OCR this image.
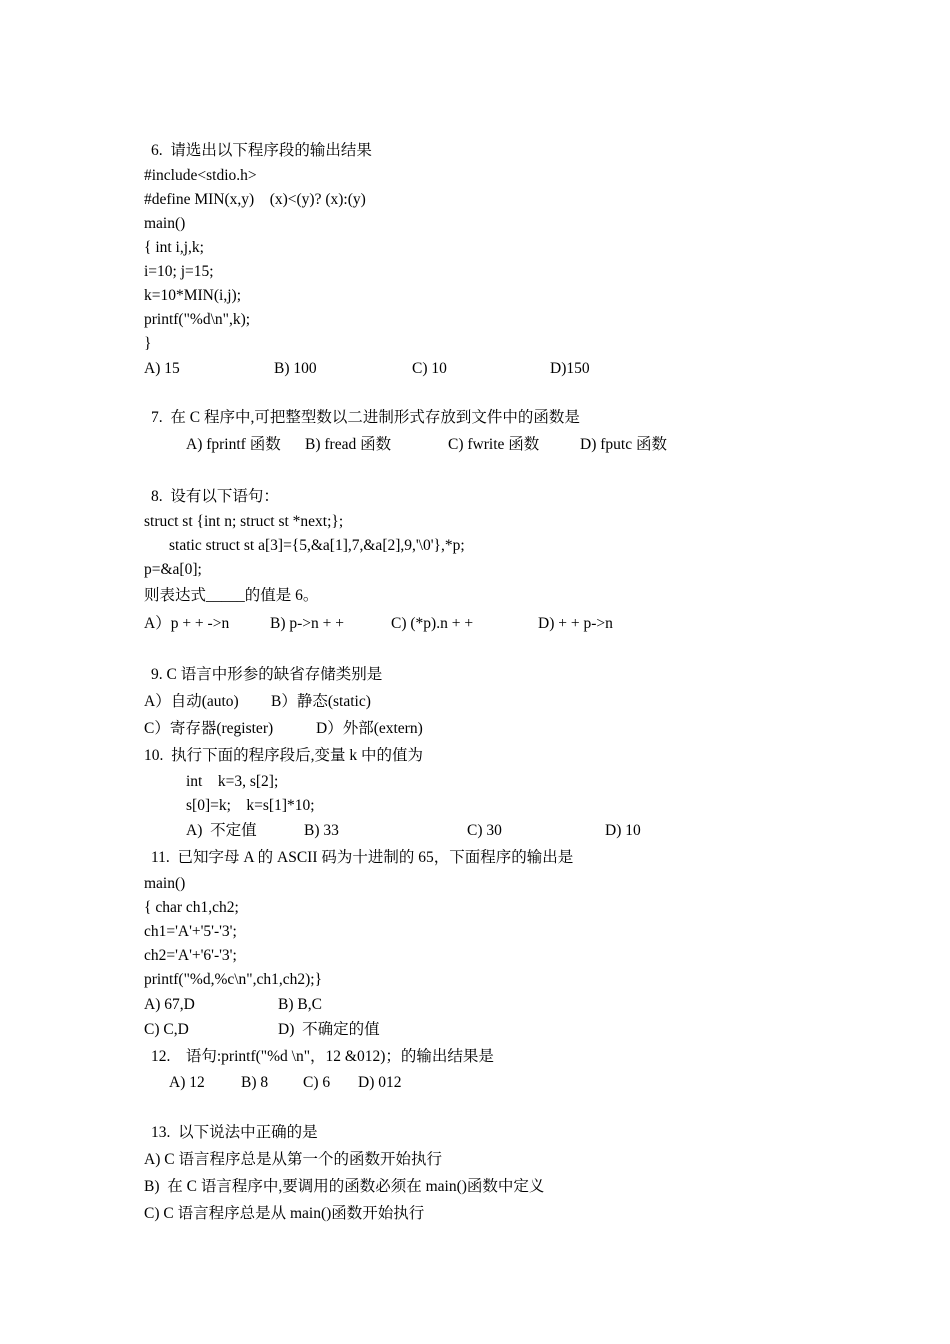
6.  请选出以下程序段的输出结果
#include<stdio.h>
#define MIN(x,y)    (x)<(y)? (x):(y)
main()
{ int i,j,k;
i=10; j=15;
k=10*MIN(i,j);
printf("%d\n",k);
}
A) 15	B) 100	C) 10	D)150
7.  在 C 程序中,可把整型数以二进制形式存放到文件中的函数是
A) fprintf 函数 B) fread 函数	C) fwrite 函数	D) fputc 函数
8.  设有以下语句：
struct st {int n; struct st *next;};
static struct st a[3]={5,&a[1],7,&a[2],9,'\0'},*p;
p=&a[0];
则表达式_____的值是 6。
A）p + + ->n	B) p->n + +	C) (*p).n + +	D) + + p->n
9. C 语言中形参的缺省存储类别是
A）自动(auto) B）静态(static)
C）寄存器(register)	D）外部(extern)
10.  执行下面的程序段后,变量 k 中的值为
int    k=3, s[2];
s[0]=k;    k=s[1]*10;
A)  不定值	B) 33	C) 30	D) 10
11.  已知字母 A 的 ASCII 码为十进制的 65，下面程序的输出是
main()
{ char ch1,ch2;
ch1='A'+'5'-'3';
ch2='A'+'6'-'3';
printf("%d,%c\n",ch1,ch2);}
A) 67,D	B) B,C
C) C,D	D)  不确定的值
12.    语句:printf("%d \n"，12 &012)；的输出结果是
A) 12 B) 8 C) 6 D) 012
13.  以下说法中正确的是
A) C 语言程序总是从第一个的函数开始执行
B)  在 C 语言程序中,要调用的函数必须在 main()函数中定义
C) C 语言程序总是从 main()函数开始执行
